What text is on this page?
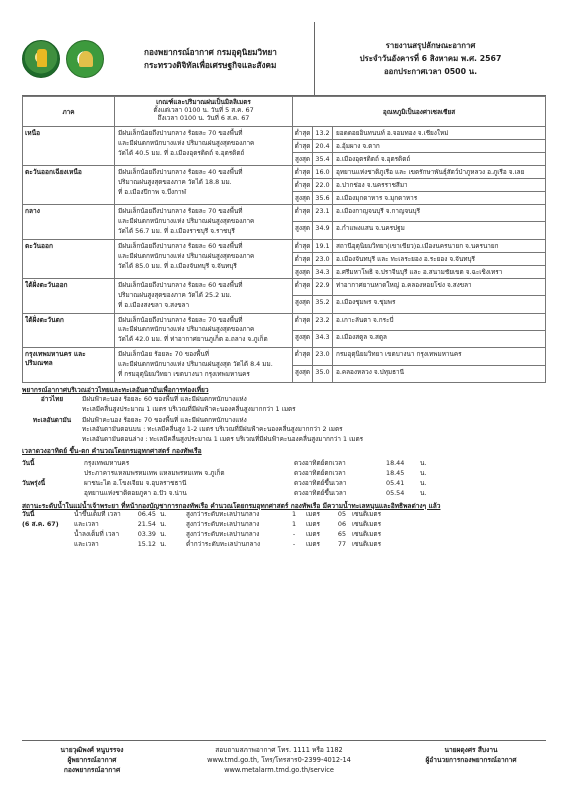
กองพยากรณ์อากาศ กรมอุตุนิยมวิทยา
กระทรวงดิจิทัลเพื่อเศรษฐกิจและสังคม
รายงานสรุปลักษณะอากาศ
ประจำวันอังคารที่ 6 สิงหาคม พ.ศ. 2567
ออกประกาศเวลา 0500 น.
ภาค	เกณฑ์และปริมาณฝนเป็นมิลลิเมตร
ตั้งแต่เวลา 0100 น. วันที่ 5 ส.ค. 67
ถึงเวลา 0100 น. วันที่ 6 ส.ค. 67	อุณหภูมิเป็นองศาเซลเซียส		
เหนือ	มีฝนเล็กน้อยถึงปานกลาง ร้อยละ 70 ของพื้นที่
และมีฝนตกหนักบางแห่ง ปริมาณฝนสูงสุดของภาค
วัดได้ 40.5 มม. ที่ อ.เมืองอุตรดิตถ์ จ.อุตรดิตถ์	ต่ำสุด	13.2	ยอดดอยอินทนนท์ อ.จอมทอง จ.เชียงใหม่
		ต่ำสุด	20.4	อ.อุ้มผาง จ.ตาก
		สูงสุด	35.4	อ.เมืองอุตรดิตถ์ จ.อุตรดิตถ์
ตะวันออกเฉียงเหนือ	มีฝนเล็กน้อยถึงปานกลาง ร้อยละ 40 ของพื้นที่
ปริมาณฝนสูงสุดของภาค วัดได้ 18.8 มม.
ที่ อ.เมืองปีกาพ จ.บึงกาฬ	ต่ำสุด	16.0	อุทยานแห่งชาติภูเรือ และ เขตรักษาพันธุ์สัตว์ป่าภูหลวง อ.ภูเรือ จ.เลย
		ต่ำสุด	22.0	อ.ปากช่อง จ.นครราชสีมา
		สูงสุด	35.6	อ.เมืองมุกดาหาร จ.มุกดาหาร
กลาง	มีฝนเล็กน้อยถึงปานกลาง ร้อยละ 70 ของพื้นที่
และมีฝนตกหนักบางแห่ง ปริมาณฝนสูงสุดของภาค
วัดได้ 56.7 มม. ที่ อ.เมืองราชบุรี จ.ราชบุรี	ต่ำสุด	23.1	อ.เมืองกาญจนบุรี จ.กาญจนบุรี
		สูงสุด	34.9	อ.กำแพงแสน จ.นครปฐม
ตะวันออก	มีฝนเล็กน้อยถึงปานกลาง ร้อยละ 60 ของพื้นที่
และมีฝนตกหนักบางแห่ง ปริมาณฝนสูงสุดของภาค
วัดได้ 85.0 มม. ที่ อ.เมืองจันทบุรี จ.จันทบุรี	ต่ำสุด	19.1	สถานีอุตุนิยมวิทยา(เขาเขียว)อ.เมืองนครนายก จ.นครนายก
		ต่ำสุด	23.0	อ.เมืองจันทบุรี และ ทะเลระยอง อ.ระยอง จ.จันทบุรี
		สูงสุด	34.3	อ.ศรีมหาโพธิ จ.ปราจีนบุรี และ อ.สนามชัยเขต จ.ฉะเชิงเทรา
ใต้ฝั่งตะวันออก	มีฝนเล็กน้อยถึงปานกลาง ร้อยละ 60 ของพื้นที่
ปริมาณฝนสูงสุดของภาค วัดได้ 25.2 มม.
ที่ อ.เมืองสงขลา จ.สงขลา	ต่ำสุด	22.9	ท่าอากาศยานหาดใหญ่ อ.คลองหอยโข่ง จ.สงขลา
		สูงสุด	35.2	อ.เมืองชุมพร จ.ชุมพร
ใต้ฝั่งตะวันตก	มีฝนเล็กน้อยถึงปานกลาง ร้อยละ 70 ของพื้นที่
และมีฝนตกหนักบางแห่ง ปริมาณฝนสูงสุดของภาค
วัดได้ 42.0 มม. ที่ ท่าอากาศยานภูเก็ต อ.ถลาง จ.ภูเก็ต	ต่ำสุด	23.2	อ.เกาะลันตา จ.กระบี่
		สูงสุด	34.3	อ.เมืองสตูล จ.สตูล
กรุงเทพมหานคร และปริมณฑล	มีฝนเล็กน้อย ร้อยละ 70 ของพื้นที่
และมีฝนตกหนักบางแห่ง ปริมาณฝนสูงสุด วัดได้ 8.4 มม.
ที่ กรมอุตุนิยมวิทยา เขตบางนา กรุงเทพมหานคร	ต่ำสุด	23.0	กรมอุตุนิยมวิทยา เขตบางนา กรุงเทพมหานคร
		สูงสุด	35.0	อ.คลองหลวง จ.ปทุมธานี
พยากรณ์อากาศบริเวณอ่าวไทยและทะเลอันดามันเพื่อการท่องเที่ยว
อ่าวไทย	มีฝนฟ้าคะนอง ร้อยละ 60 ของพื้นที่ และมีฝนตกหนักบางแห่ง
ทะเลมีคลื่นสูงประมาณ 1 เมตร บริเวณที่มีฝนฟ้าคะนองคลื่นสูงมากกว่า 1 เมตร
ทะเลอันดามัน	มีฝนฟ้าคะนอง ร้อยละ 70 ของพื้นที่ และมีฝนตกหนักบางแห่ง
ทะเลอันดามันตอนบน : ทะเลมีคลื่นสูง 1-2 เมตร บริเวณที่มีฝนฟ้าคะนองคลื่นสูงมากกว่า 2 เมตร
ทะเลอันดามันตอนล่าง : ทะเลมีคลื่นสูงประมาณ 1 เมตร บริเวณที่มีฝนฟ้าคะนองคลื่นสูงมากกว่า 1 เมตร
เวลาดวงอาทิตย์ ขึ้น-ตก คำนวณโดยกรมอุทกศาสตร์ กองทัพเรือ
วันนี้	กรุงเทพมหานคร	ดวงอาทิตย์ตกเวลา	18.44	น.
ประภาคารแหลมพรหมเทพ แหลมพรหมเทพ จ.ภูเก็ต	ดวงอาทิตย์ตกเวลา	18.45	น.
วันพรุ่งนี้	ผาชนะได อ.โขงเจียม จ.อุบลราชธานี	ดวงอาทิตย์ขึ้นเวลา	05.41	น.
อุทยานแห่งชาติดอยภูคา อ.ปัว จ.น่าน	ดวงอาทิตย์ขึ้นเวลา	05.54	น.
สถานะระดับน้ำในแม่น้ำเจ้าพระยา ที่หน้ากองบัญชาการกองทัพเรือ คำนวณโดยกรมอุทกศาสตร์ กองทัพเรือ มีความน้ำทะเลหนุนและอิทธิพลต่างๆ แล้ว
วันนี้	น้ำขึ้นเต็มที่ เวลา	06.45 น.	สูงกว่าระดับทะเลปานกลาง	1	เมตร	05 เซนติเมตร
(6 ส.ค. 67)	และเวลา	21.54 น.	สูงกว่าระดับทะเลปานกลาง	1	เมตร	06 เซนติเมตร
น้ำลงเต็มที่ เวลา	03.39 น.	สูงกว่าระดับทะเลปานกลาง	-	เมตร	65 เซนติเมตร
และเวลา	15.12 น.	ต่ำกว่าระดับทะเลปานกลาง	-	เมตร	77 เซนติเมตร
นายวุฒิพงศ์ หนูบรรจง
ผู้พยากรณ์อากาศ
กองพยากรณ์อากาศ
สอบถามสภาพอากาศ โทร. 1111 หรือ 1182
www.tmd.go.th, โทร/โทรสาร0-2399-4012-14
www.metalarm.tmd.go.th/service
นายผดุงศร สืบงาน
ผู้อำนวยการกองพยากรณ์อากาศ
